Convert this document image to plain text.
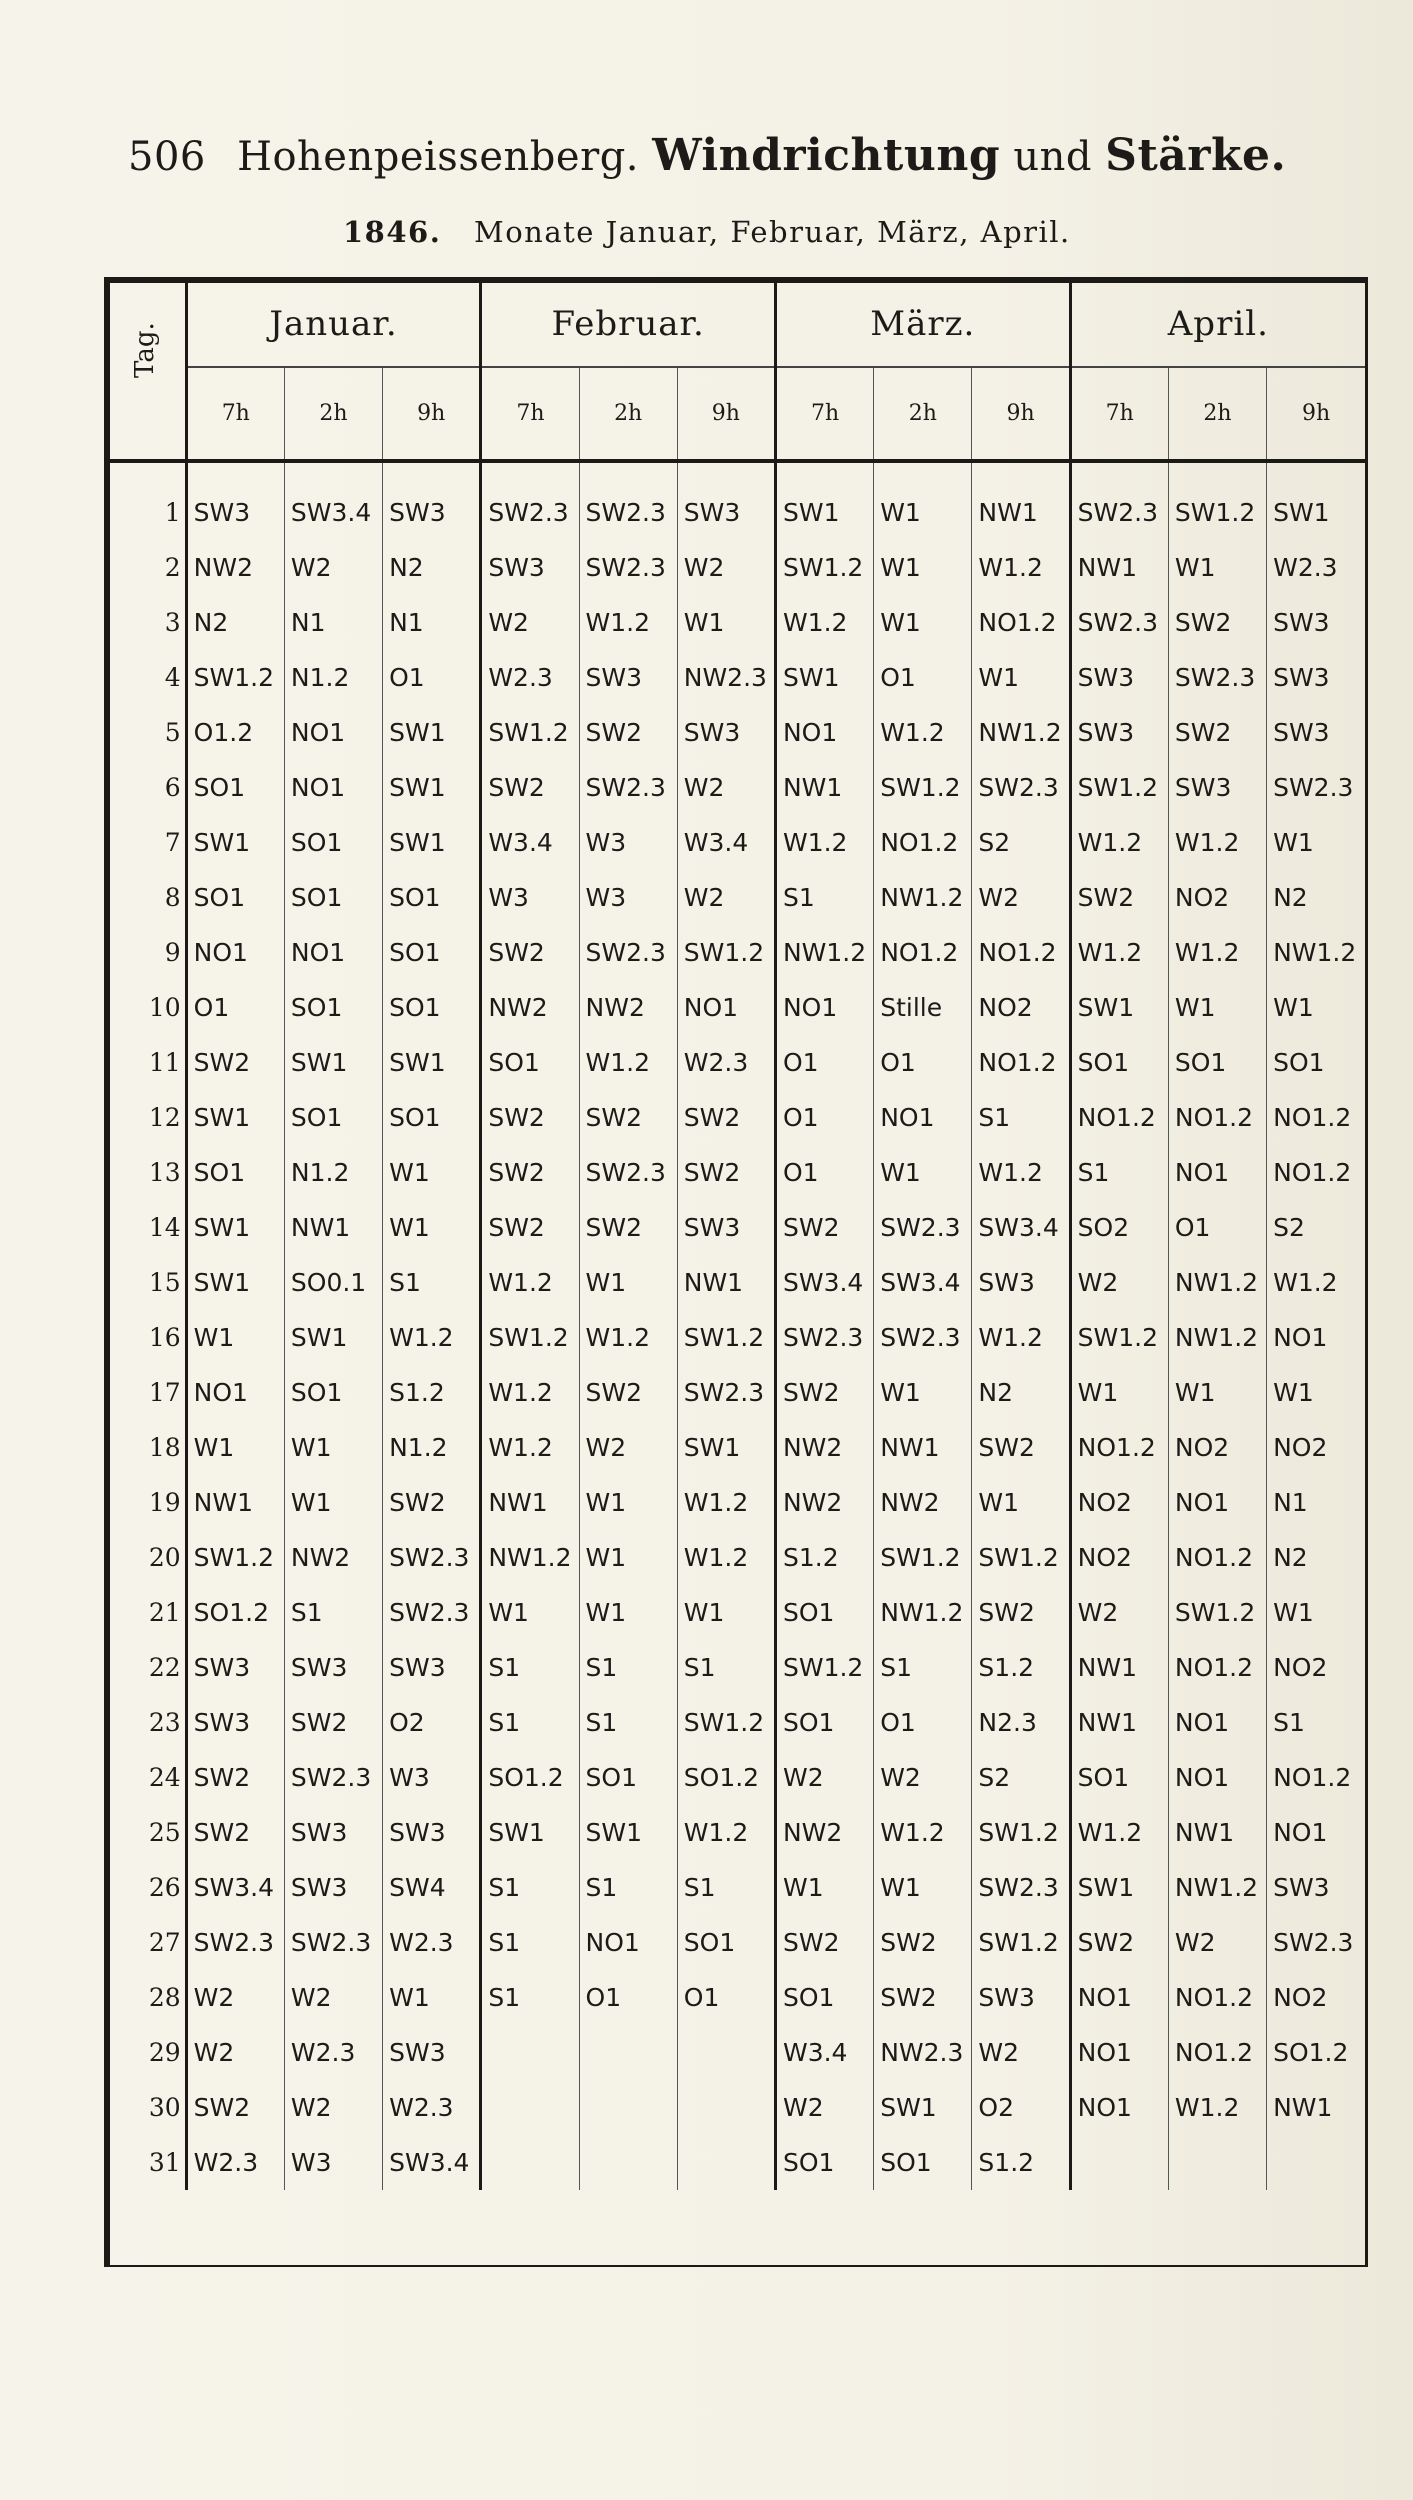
506 Hohenpeissenberg. Windrichtung und Stärke.
1846. Monate Januar, Februar, März, April.
Tag.	Januar.			Februar.			März.			April.		
	7h	2h	9h	7h	2h	9h	7h	2h	9h	7h	2h	9h
1	SW3	SW3.4	SW3	SW2.3	SW2.3	SW3	SW1	W1	NW1	SW2.3	SW1.2	SW1
2	NW2	W2	N2	SW3	SW2.3	W2	SW1.2	W1	W1.2	NW1	W1	W2.3
3	N2	N1	N1	W2	W1.2	W1	W1.2	W1	NO1.2	SW2.3	SW2	SW3
4	SW1.2	N1.2	O1	W2.3	SW3	NW2.3	SW1	O1	W1	SW3	SW2.3	SW3
5	O1.2	NO1	SW1	SW1.2	SW2	SW3	NO1	W1.2	NW1.2	SW3	SW2	SW3
6	SO1	NO1	SW1	SW2	SW2.3	W2	NW1	SW1.2	SW2.3	SW1.2	SW3	SW2.3
7	SW1	SO1	SW1	W3.4	W3	W3.4	W1.2	NO1.2	S2	W1.2	W1.2	W1
8	SO1	SO1	SO1	W3	W3	W2	S1	NW1.2	W2	SW2	NO2	N2
9	NO1	NO1	SO1	SW2	SW2.3	SW1.2	NW1.2	NO1.2	NO1.2	W1.2	W1.2	NW1.2
10	O1	SO1	SO1	NW2	NW2	NO1	NO1	Stille	NO2	SW1	W1	W1
11	SW2	SW1	SW1	SO1	W1.2	W2.3	O1	O1	NO1.2	SO1	SO1	SO1
12	SW1	SO1	SO1	SW2	SW2	SW2	O1	NO1	S1	NO1.2	NO1.2	NO1.2
13	SO1	N1.2	W1	SW2	SW2.3	SW2	O1	W1	W1.2	S1	NO1	NO1.2
14	SW1	NW1	W1	SW2	SW2	SW3	SW2	SW2.3	SW3.4	SO2	O1	S2
15	SW1	SO0.1	S1	W1.2	W1	NW1	SW3.4	SW3.4	SW3	W2	NW1.2	W1.2
16	W1	SW1	W1.2	SW1.2	W1.2	SW1.2	SW2.3	SW2.3	W1.2	SW1.2	NW1.2	NO1
17	NO1	SO1	S1.2	W1.2	SW2	SW2.3	SW2	W1	N2	W1	W1	W1
18	W1	W1	N1.2	W1.2	W2	SW1	NW2	NW1	SW2	NO1.2	NO2	NO2
19	NW1	W1	SW2	NW1	W1	W1.2	NW2	NW2	W1	NO2	NO1	N1
20	SW1.2	NW2	SW2.3	NW1.2	W1	W1.2	S1.2	SW1.2	SW1.2	NO2	NO1.2	N2
21	SO1.2	S1	SW2.3	W1	W1	W1	SO1	NW1.2	SW2	W2	SW1.2	W1
22	SW3	SW3	SW3	S1	S1	S1	SW1.2	S1	S1.2	NW1	NO1.2	NO2
23	SW3	SW2	O2	S1	S1	SW1.2	SO1	O1	N2.3	NW1	NO1	S1
24	SW2	SW2.3	W3	SO1.2	SO1	SO1.2	W2	W2	S2	SO1	NO1	NO1.2
25	SW2	SW3	SW3	SW1	SW1	W1.2	NW2	W1.2	SW1.2	W1.2	NW1	NO1
26	SW3.4	SW3	SW4	S1	S1	S1	W1	W1	SW2.3	SW1	NW1.2	SW3
27	SW2.3	SW2.3	W2.3	S1	NO1	SO1	SW2	SW2	SW1.2	SW2	W2	SW2.3
28	W2	W2	W1	S1	O1	O1	SO1	SW2	SW3	NO1	NO1.2	NO2
29	W2	W2.3	SW3				W3.4	NW2.3	W2	NO1	NO1.2	SO1.2
30	SW2	W2	W2.3				W2	SW1	O2	NO1	W1.2	NW1
31	W2.3	W3	SW3.4				SO1	SO1	S1.2			
